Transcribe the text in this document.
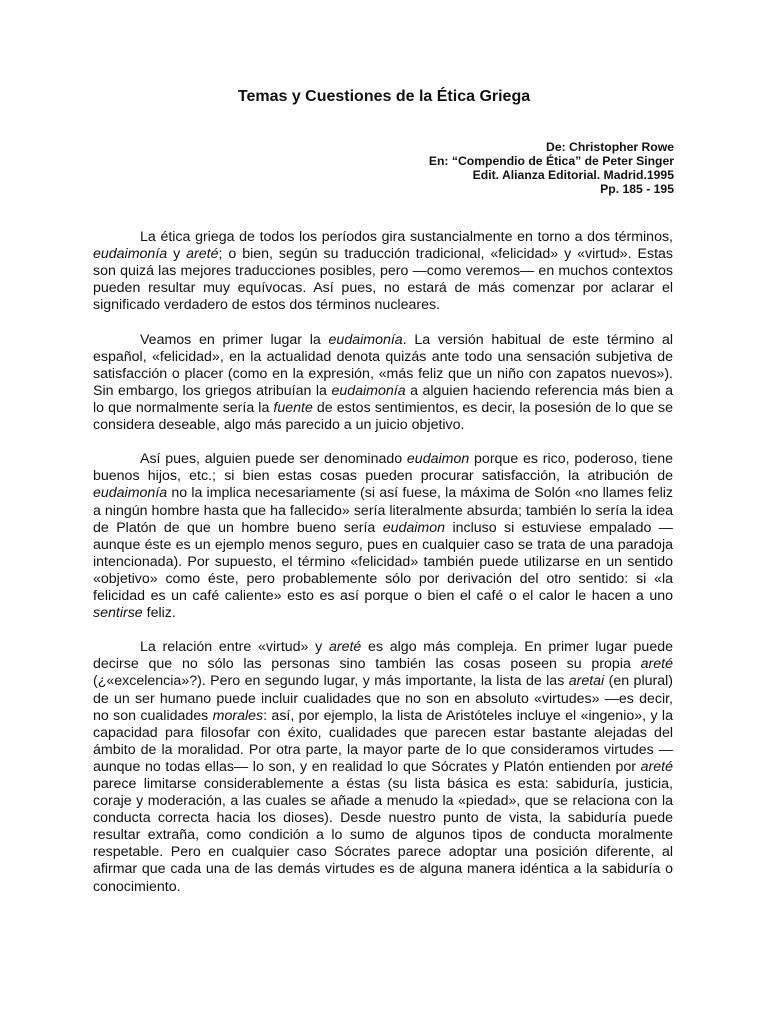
Temas y Cuestiones de la Ética Griega
De: Christopher Rowe
En: “Compendio de Ética” de Peter Singer
Edit. Alianza Editorial. Madrid.1995
Pp. 185 - 195

La ética griega de todos los períodos gira sustancialmente en torno a dos términos, eudaimonía y areté; o bien, según su traducción tradicional, «felicidad» y «virtud». Estas son quizá las mejores traducciones posibles, pero —como veremos— en muchos contextos pueden resultar muy equívocas. Así pues, no estará de más comenzar por aclarar el significado verdadero de estos dos términos nucleares.

Veamos en primer lugar la eudaimonía. La versión habitual de este término al español, «felicidad», en la actualidad denota quizás ante todo una sensación subjetiva de satisfacción o placer (como en la expresión, «más feliz que un niño con zapatos nuevos»). Sin embargo, los griegos atribuían la eudaimonía a alguien haciendo referencia más bien a lo que normalmente sería la fuente de estos sentimientos, es decir, la posesión de lo que se considera deseable, algo más parecido a un juicio objetivo.

Así pues, alguien puede ser denominado eudaimon porque es rico, poderoso, tiene buenos hijos, etc.; si bien estas cosas pueden procurar satisfacción, la atribución de eudaimonía no la implica necesariamente (si así fuese, la máxima de Solón «no llames feliz a ningún hombre hasta que ha fallecido» sería literalmente absurda; también lo sería la idea de Platón de que un hombre bueno sería eudaimon incluso si estuviese empalado —aunque éste es un ejemplo menos seguro, pues en cualquier caso se trata de una paradoja intencionada). Por supuesto, el término «felicidad» también puede utilizarse en un sentido «objetivo» como éste, pero probablemente sólo por derivación del otro sentido: si «la felicidad es un café caliente» esto es así porque o bien el café o el calor le hacen a uno sentirse feliz.

La relación entre «virtud» y areté es algo más compleja. En primer lugar puede decirse que no sólo las personas sino también las cosas poseen su propia areté (¿«excelencia»?). Pero en segundo lugar, y más importante, la lista de las aretai (en plural) de un ser humano puede incluir cualidades que no son en absoluto «virtudes» —es decir, no son cualidades morales: así, por ejemplo, la lista de Aristóteles incluye el «ingenio», y la capacidad para filosofar con éxito, cualidades que parecen estar bastante alejadas del ámbito de la moralidad. Por otra parte, la mayor parte de lo que consideramos virtudes —aunque no todas ellas— lo son, y en realidad lo que Sócrates y Platón entienden por areté parece limitarse considerablemente a éstas (su lista básica es esta: sabiduría, justicia, coraje y moderación, a las cuales se añade a menudo la «piedad», que se relaciona con la conducta correcta hacia los dioses). Desde nuestro punto de vista, la sabiduría puede resultar extraña, como condición a lo sumo de algunos tipos de conducta moralmente respetable. Pero en cualquier caso Sócrates parece adoptar una posición diferente, al afirmar que cada una de las demás virtudes es de alguna manera idéntica a la sabiduría o conocimiento.
